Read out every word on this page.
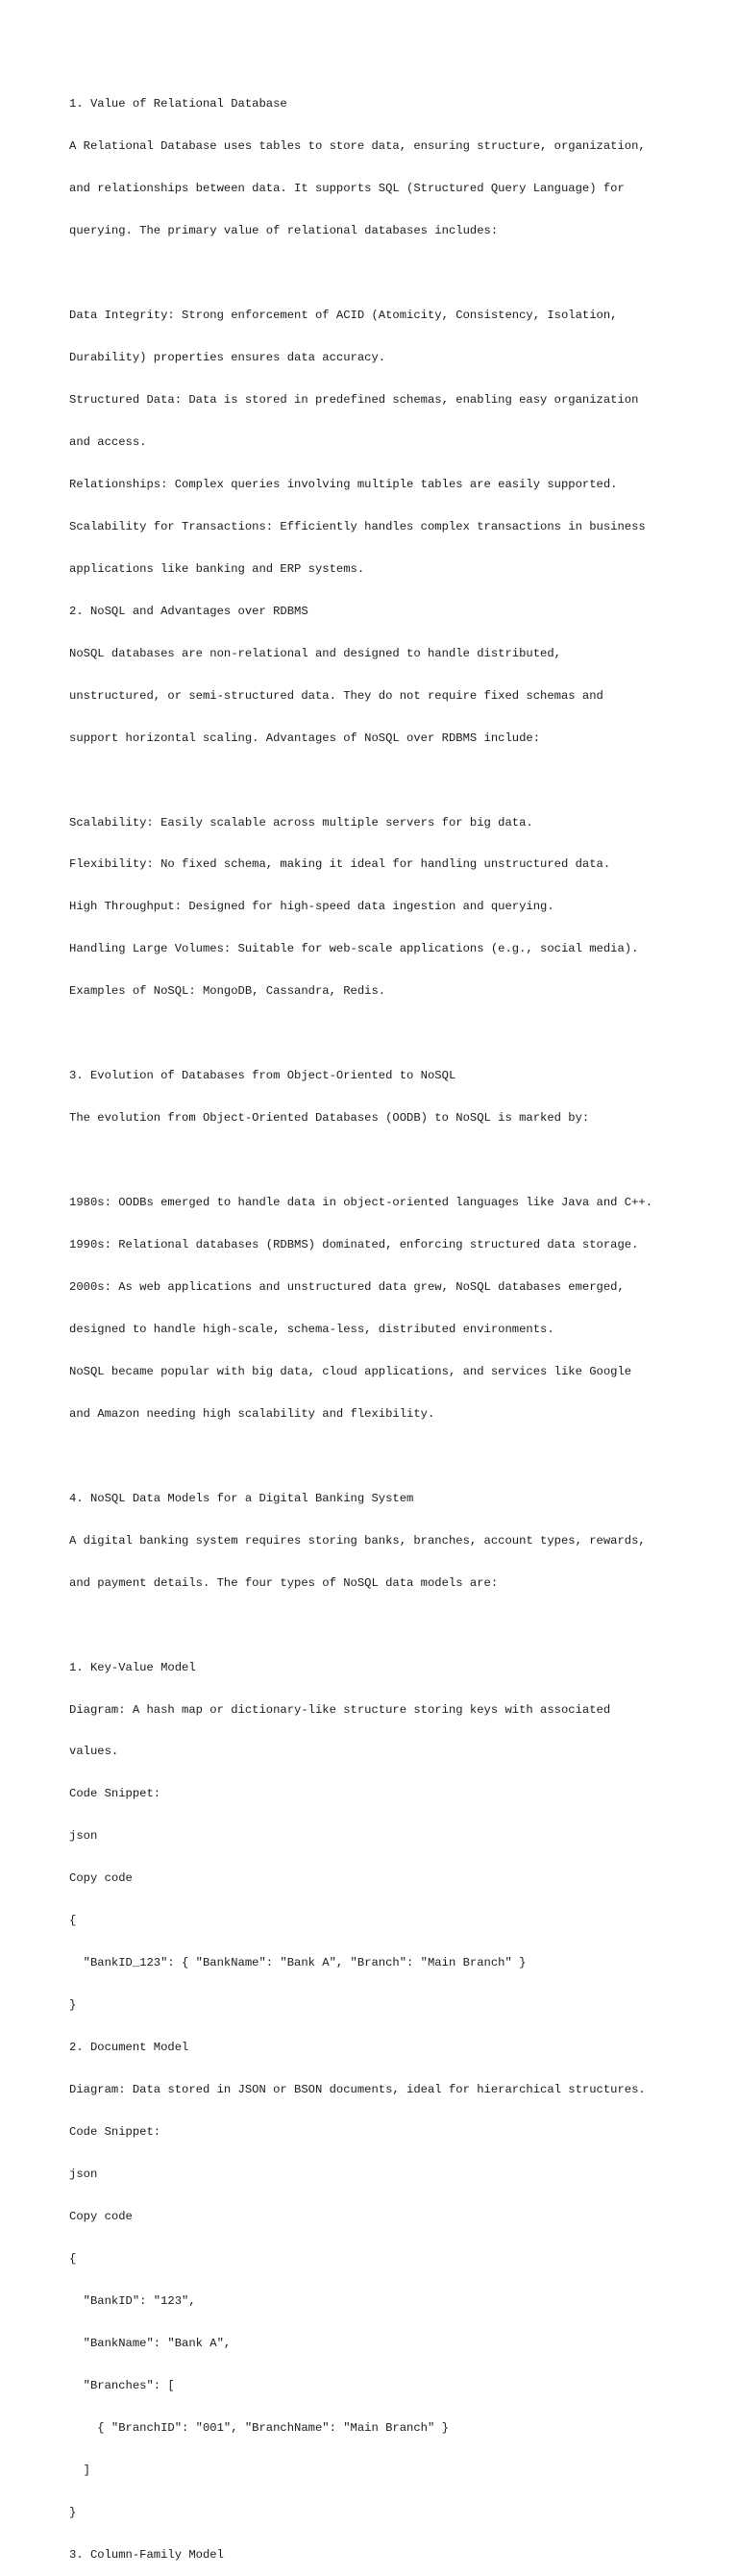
1. Value of Relational Database

A Relational Database uses tables to store data, ensuring structure, organization,

and relationships between data. It supports SQL (Structured Query Language) for

querying. The primary value of relational databases includes:

Data Integrity: Strong enforcement of ACID (Atomicity, Consistency, Isolation,

Durability) properties ensures data accuracy.

Structured Data: Data is stored in predefined schemas, enabling easy organization

and access.

Relationships: Complex queries involving multiple tables are easily supported.

Scalability for Transactions: Efficiently handles complex transactions in business

applications like banking and ERP systems.

2. NoSQL and Advantages over RDBMS

NoSQL databases are non-relational and designed to handle distributed,

unstructured, or semi-structured data. They do not require fixed schemas and

support horizontal scaling. Advantages of NoSQL over RDBMS include:

Scalability: Easily scalable across multiple servers for big data.

Flexibility: No fixed schema, making it ideal for handling unstructured data.

High Throughput: Designed for high-speed data ingestion and querying.

Handling Large Volumes: Suitable for web-scale applications (e.g., social media).

Examples of NoSQL: MongoDB, Cassandra, Redis.

3. Evolution of Databases from Object-Oriented to NoSQL

The evolution from Object-Oriented Databases (OODB) to NoSQL is marked by:

1980s: OODBs emerged to handle data in object-oriented languages like Java and C++.

1990s: Relational databases (RDBMS) dominated, enforcing structured data storage.

2000s: As web applications and unstructured data grew, NoSQL databases emerged,

designed to handle high-scale, schema-less, distributed environments.

NoSQL became popular with big data, cloud applications, and services like Google

and Amazon needing high scalability and flexibility.

4. NoSQL Data Models for a Digital Banking System

A digital banking system requires storing banks, branches, account types, rewards,

and payment details. The four types of NoSQL data models are:

1. Key-Value Model

Diagram: A hash map or dictionary-like structure storing keys with associated

values.

Code Snippet:

json

Copy code

{

"BankID_123": { "BankName": "Bank A", "Branch": "Main Branch" }

}

2. Document Model

Diagram: Data stored in JSON or BSON documents, ideal for hierarchical structures.

Code Snippet:

json

Copy code

{

"BankID": "123",

"BankName": "Bank A",

"Branches": [

{ "BranchID": "001", "BranchName": "Main Branch" }

]

}

3. Column-Family Model
